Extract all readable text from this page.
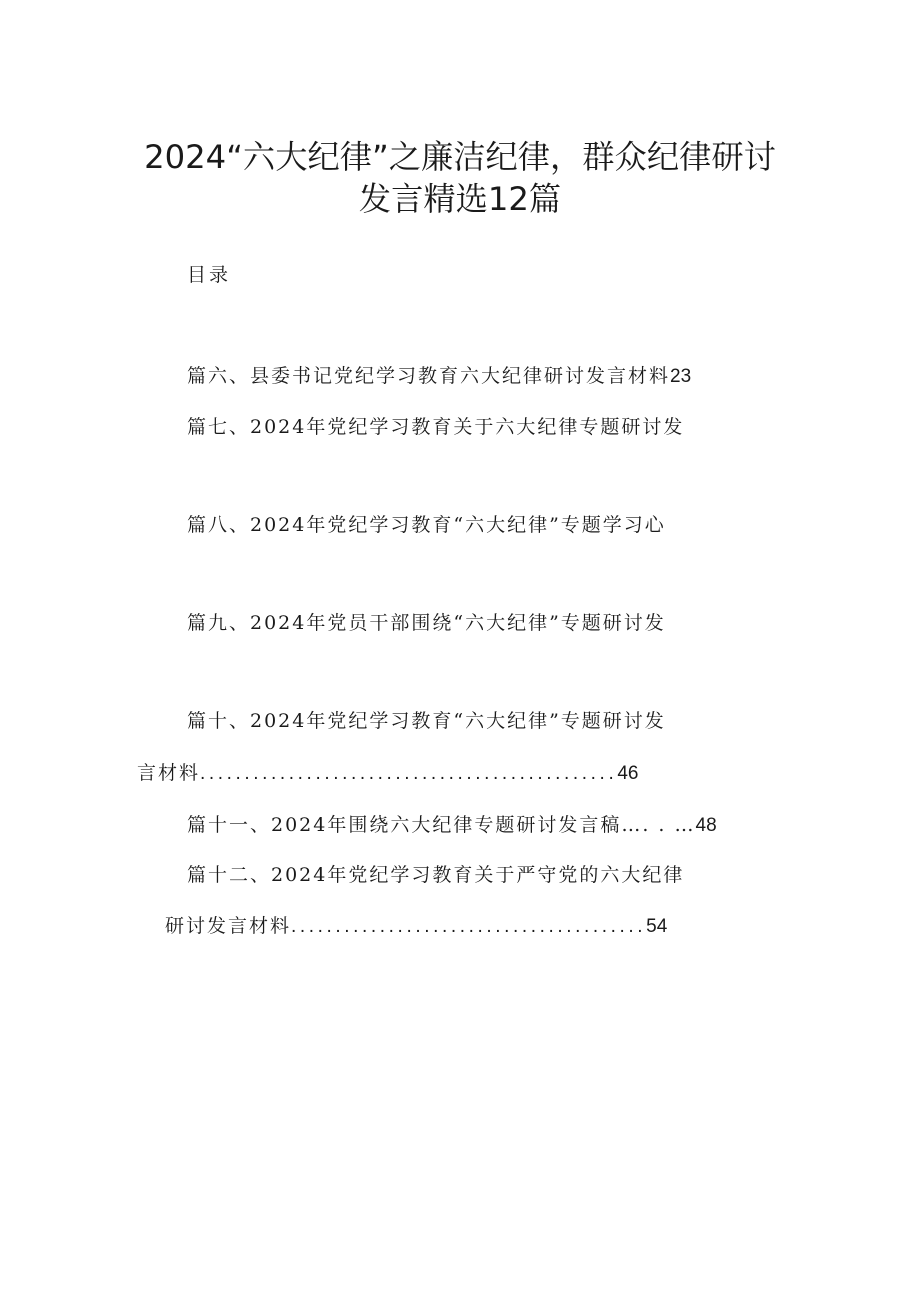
2024“六大纪律”之廉洁纪律，群众纪律研讨
发言精选12篇
目录
篇六、县委书记党纪学习教育六大纪律研讨发言材料23
篇七、2024年党纪学习教育关于六大纪律专题研讨发
篇八、2024年党纪学习教育“六大纪律”专题学习心
篇九、2024年党员干部围绕“六大纪律”专题研讨发
篇十、2024年党纪学习教育“六大纪律”专题研讨发
言材料...............................................46
篇十一、2024年围绕六大纪律专题研讨发言稿…. . …48
篇十二、2024年党纪学习教育关于严守党的六大纪律
研讨发言材料........................................54
